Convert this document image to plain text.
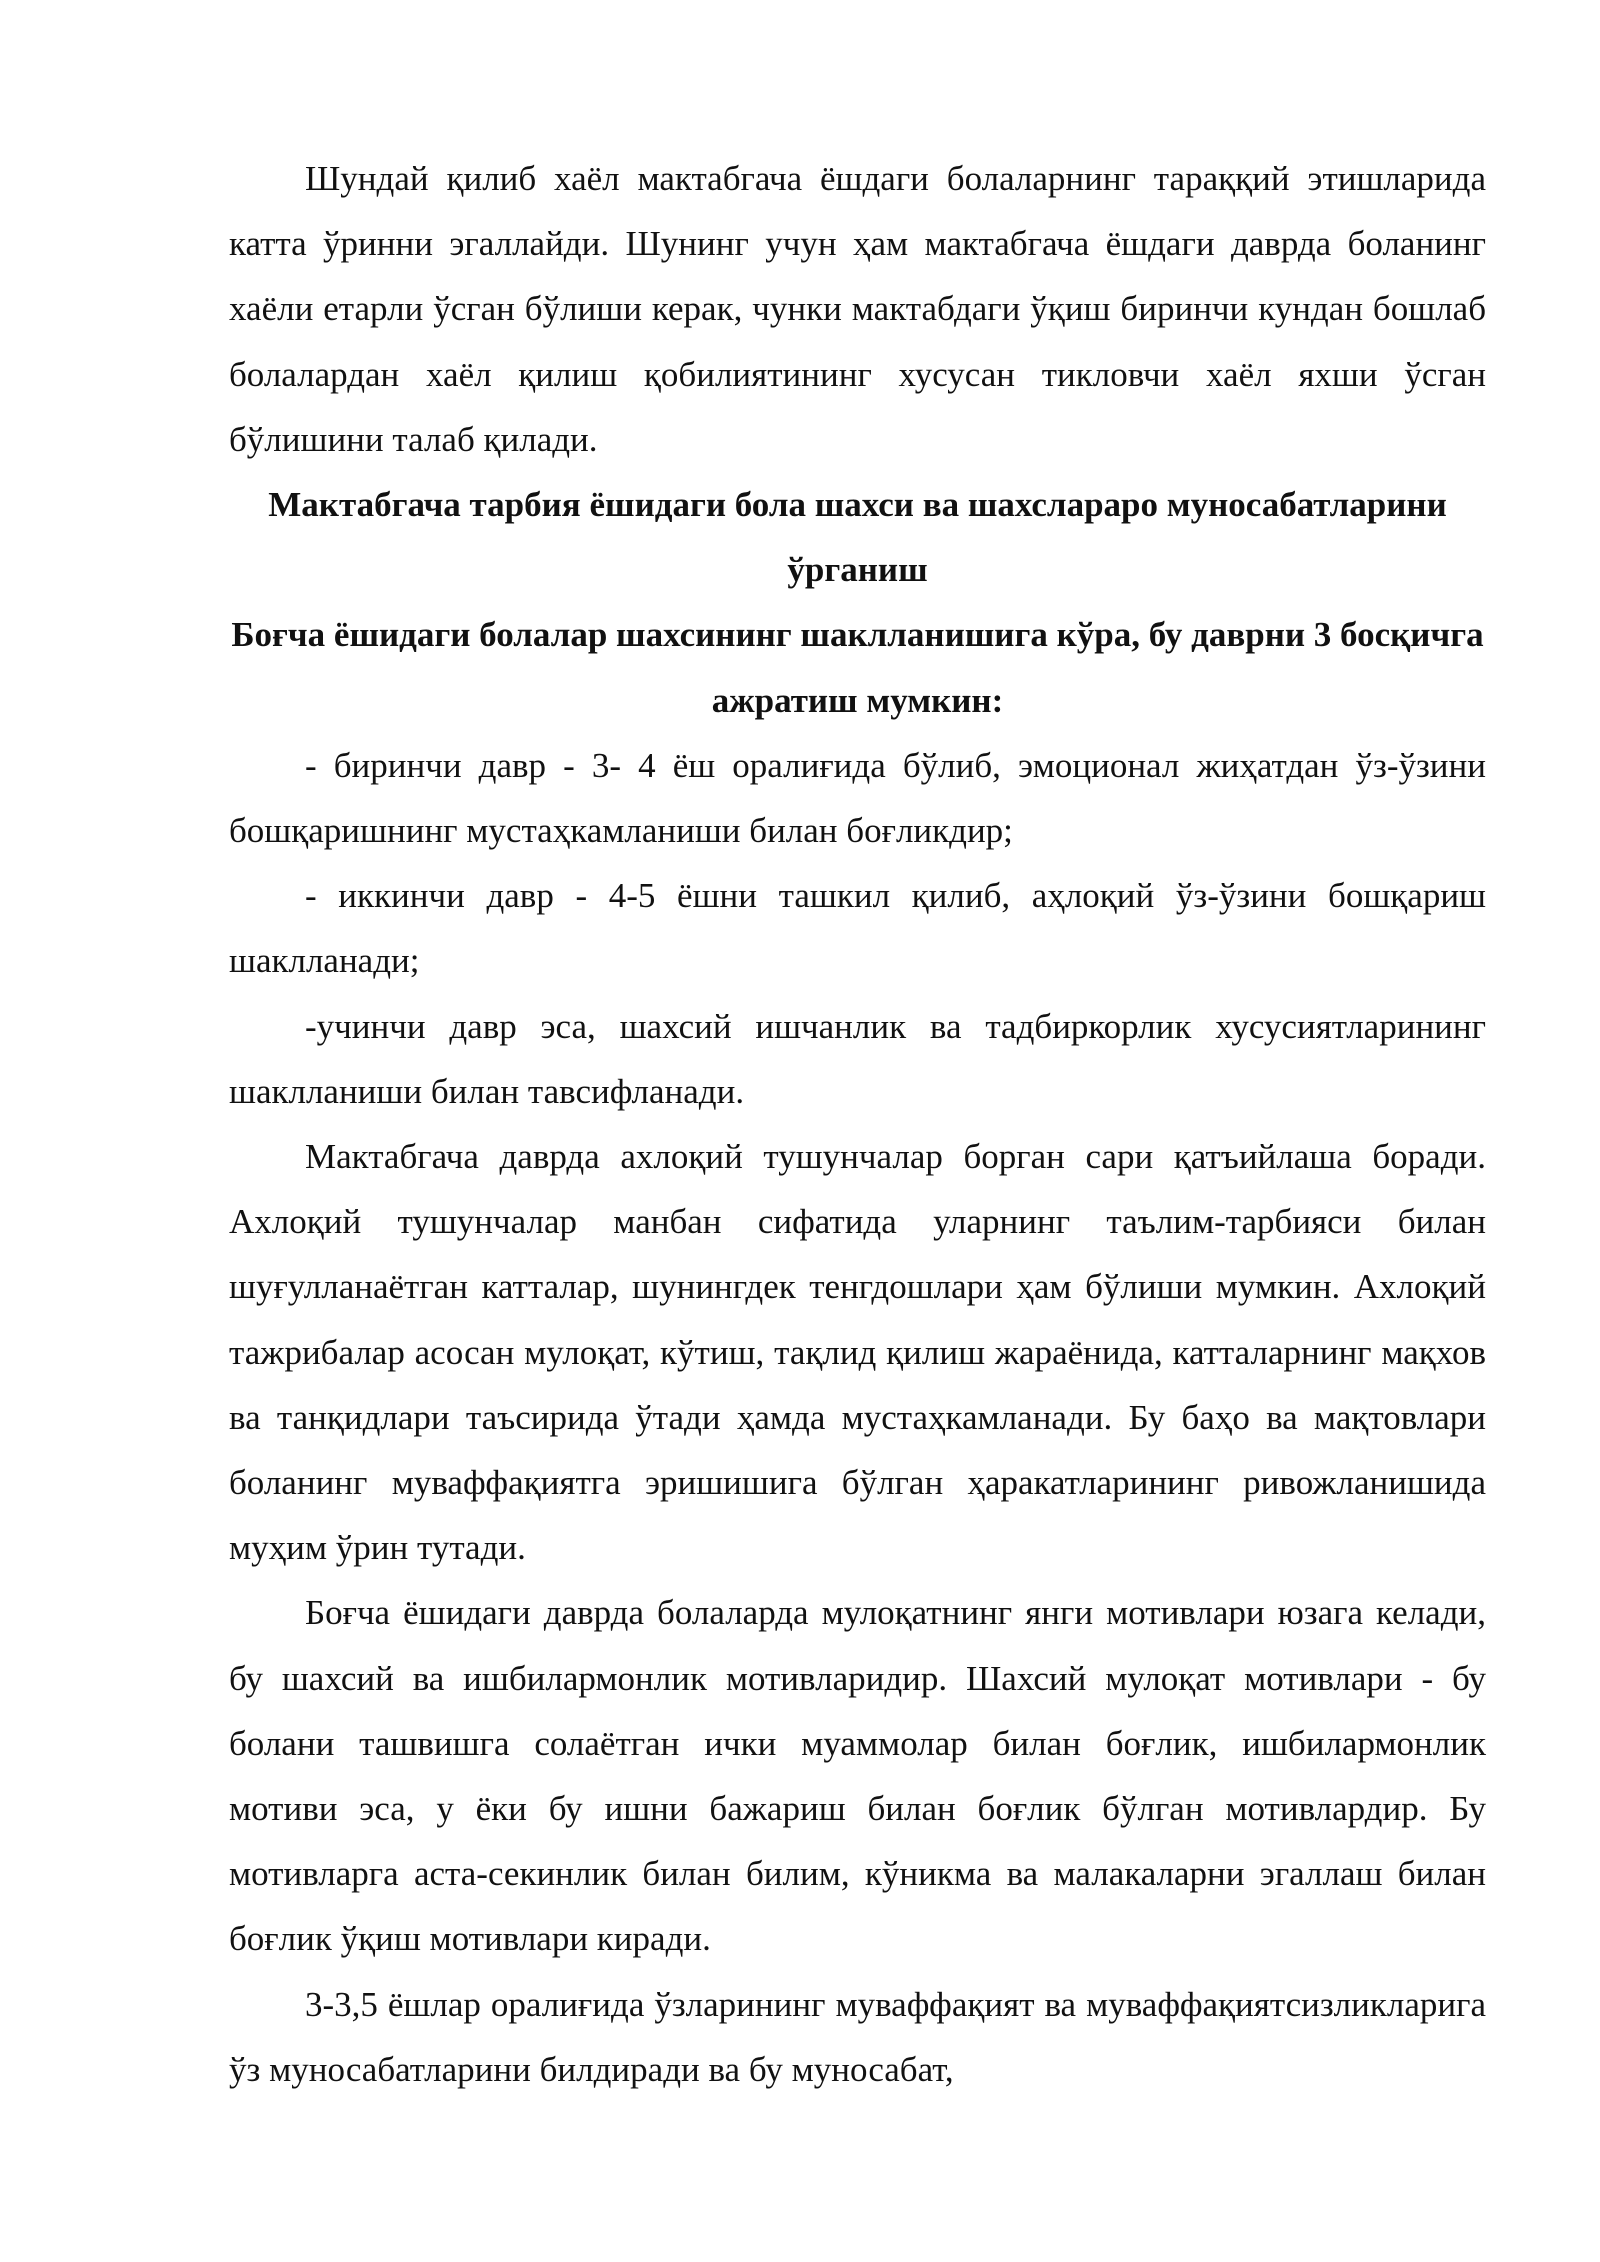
Шундай қилиб хаёл мактабгача ёшдаги болаларнинг тараққий этишларида катта ўринни эгаллайди. Шунинг учун ҳам мактабгача ёшдаги даврда боланинг хаёли етарли ўсган бўлиши керак, чунки мактабдаги ўқиш биринчи кундан бошлаб болалардан хаёл қилиш қобилиятининг хусусан тикловчи хаёл яхши ўсган бўлишини талаб қилади.

Мактабгача тарбия ёшидаги бола шахси ва шахслараро муносабатларини ўрганиш

Боғча ёшидаги болалар шахсининг шаклланишига кўра, бу даврни 3 босқичга ажратиш мумкин:

- биринчи давр - 3- 4 ёш оралиғида бўлиб, эмоционал жиҳатдан ўз-ўзини бошқаришнинг мустаҳкамланиши билан боғликдир;

- иккинчи давр - 4-5 ёшни ташкил қилиб, аҳлоқий ўз-ўзини бошқариш шаклланади;

-учинчи давр эса, шахсий ишчанлик ва тадбиркорлик хусусиятларининг шаклланиши билан тавсифланади.

Мактабгача даврда ахлоқий тушунчалар борган сари қатъийлаша боради. Ахлоқий тушунчалар манбан сифатида уларнинг таълим-тарбияси билан шуғулланаётган катталар, шунингдек тенгдошлари ҳам бўлиши мумкин. Ахлоқий тажрибалар асосан мулоқат, кўтиш, тақлид қилиш жараёнида, катталарнинг мақхов ва танқидлари таъсирида ўтади ҳамда мустаҳкамланади. Бу баҳо ва мақтовлари боланинг муваффақиятга эришишига бўлган ҳаракатларининг ривожланишида муҳим ўрин тутади.

Боғча ёшидаги даврда болаларда мулоқатнинг янги мотивлари юзага келади, бу шахсий ва ишбилармонлик мотивларидир. Шахсий мулоқат мотивлари - бу болани ташвишга солаётган ички муаммолар билан боғлик, ишбилармонлик мотиви эса, у ёки бу ишни бажариш билан боғлик бўлган мотивлардир. Бу мотивларга аста-секинлик билан билим, кўникма ва малакаларни эгаллаш билан боғлик ўқиш мотивлари киради.

3-3,5 ёшлар оралиғида ўзларининг муваффақият ва муваффақиятсизликларига ўз муносабатларини билдиради ва бу муносабат,
